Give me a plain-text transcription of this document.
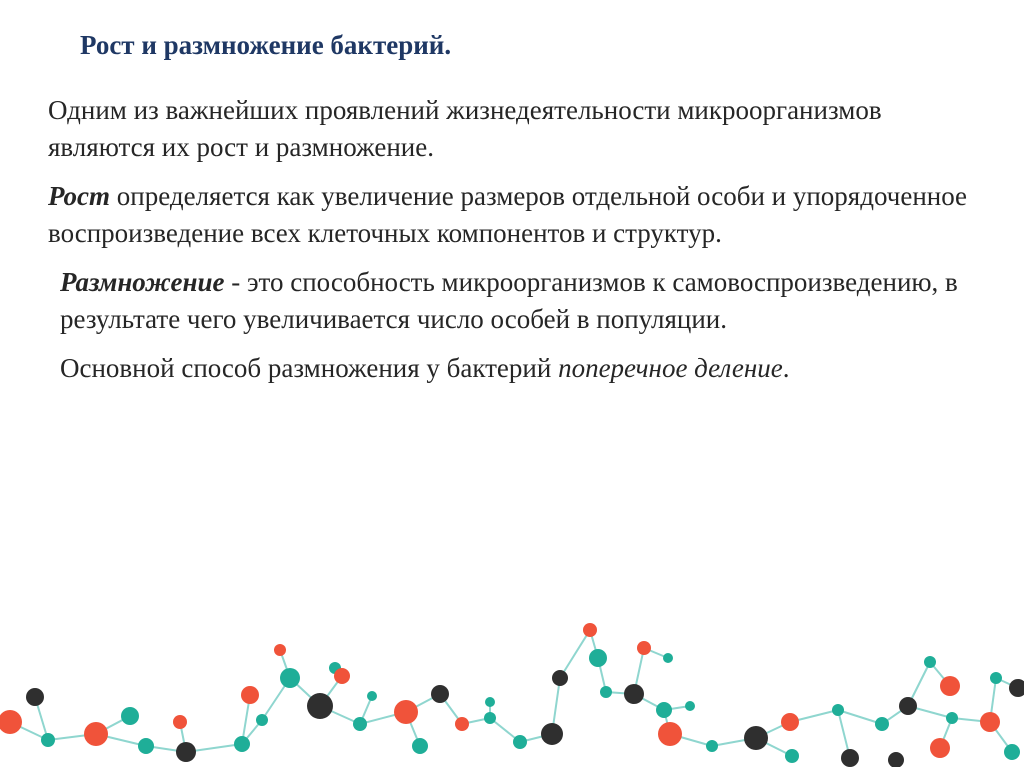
Рост и размножение бактерий.

Одним из важнейших проявлений жизнедеятельности микроорганизмов являются их рост и размножение.

Рост определяется как увеличение размеров отдельной особи и упорядоченное воспроизведение всех клеточных компонентов и структур.

Размножение - это способность микроорганизмов к самовоспроизведению, в результате чего увеличивается число особей в популяции.

Основной способ размножения у бактерий поперечное деление.
